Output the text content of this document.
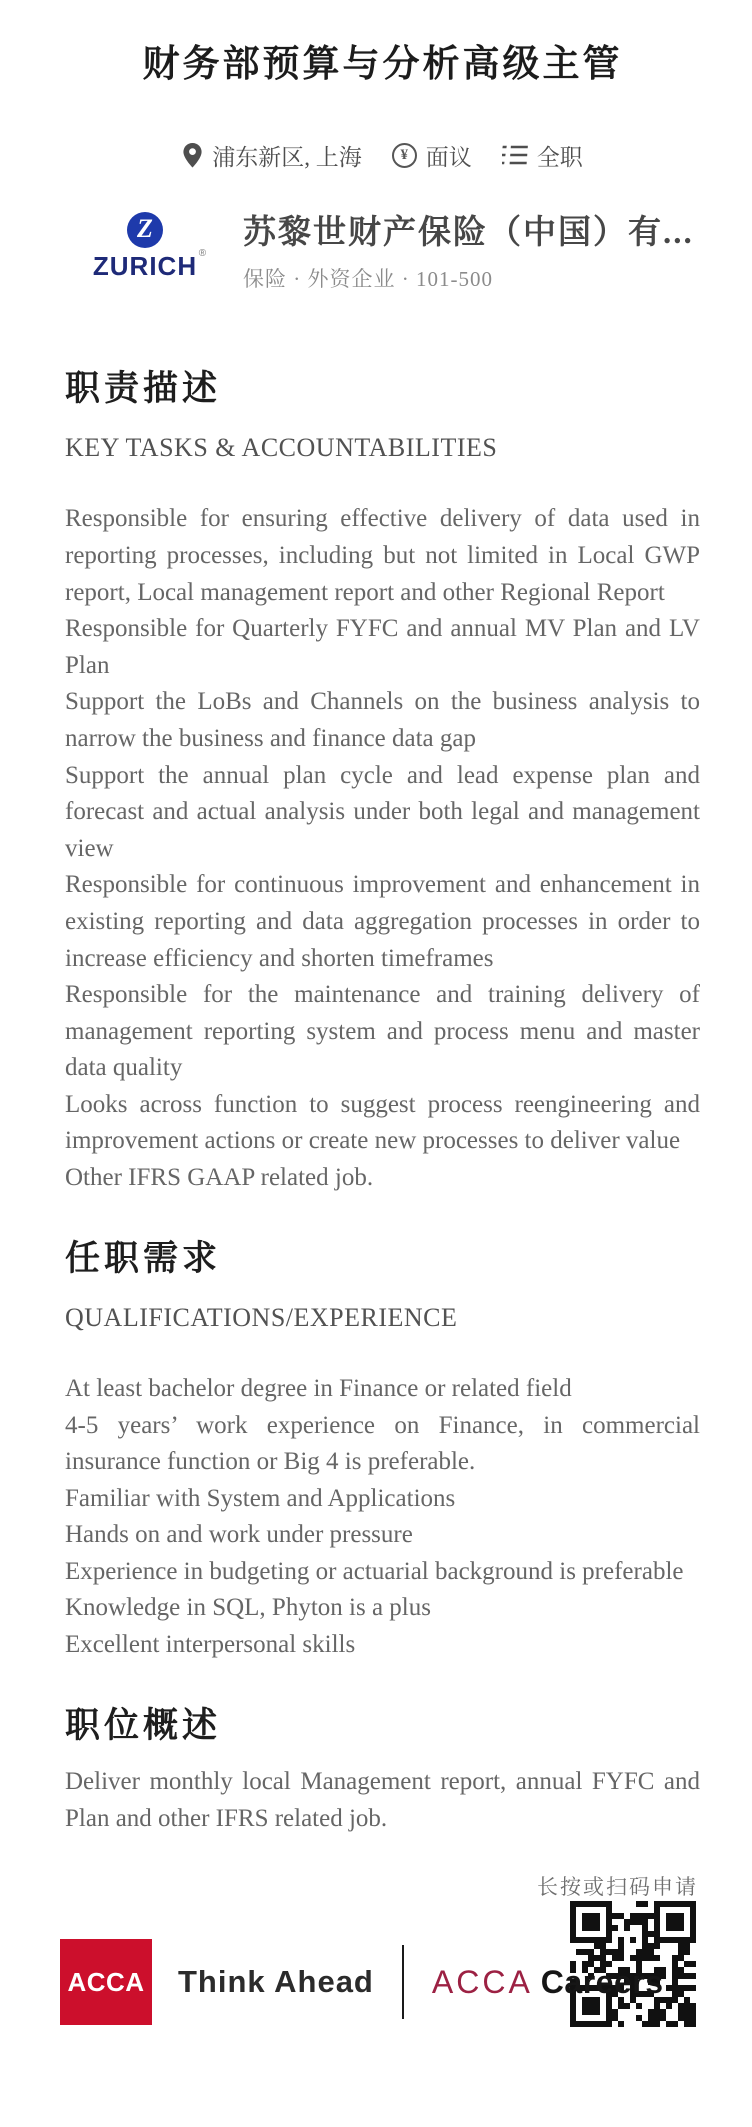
财务部预算与分析高级主管
浦东新区, 上海	¥ 面议	全职
Z
ZURICH ®
苏黎世财产保险（中国）有...
保险 · 外资企业 · 101-500
职责描述

KEY TASKS & ACCOUNTABILITIES

Responsible for ensuring effective delivery of data used in reporting processes, including but not limited in Local GWP report, Local management report and other Regional Report

Responsible for Quarterly FYFC and annual MV Plan and LV Plan

Support the LoBs and Channels on the business analysis to narrow the business and finance data gap

Support the annual plan cycle and lead expense plan and forecast and actual analysis under both legal and management view

Responsible for continuous improvement and enhancement in existing reporting and data aggregation processes in order to increase efficiency and shorten timeframes

Responsible for the maintenance and training delivery of management reporting system and process menu and master data quality

Looks across function to suggest process reengineering and improvement actions or create new processes to deliver value

Other IFRS GAAP related job.

任职需求

QUALIFICATIONS/EXPERIENCE

At least bachelor degree in Finance or related field

4-5 years’ work experience on Finance, in commercial insurance function or Big 4 is preferable.

Familiar with System and Applications

Hands on and work under pressure

Experience in budgeting or actuarial background is preferable

Knowledge in SQL, Phyton is a plus

Excellent interpersonal skills

职位概述

Deliver monthly local Management report, annual FYFC and Plan and other IFRS related job.

长按或扫码申请
ACCA Think Ahead ACCA Careers
